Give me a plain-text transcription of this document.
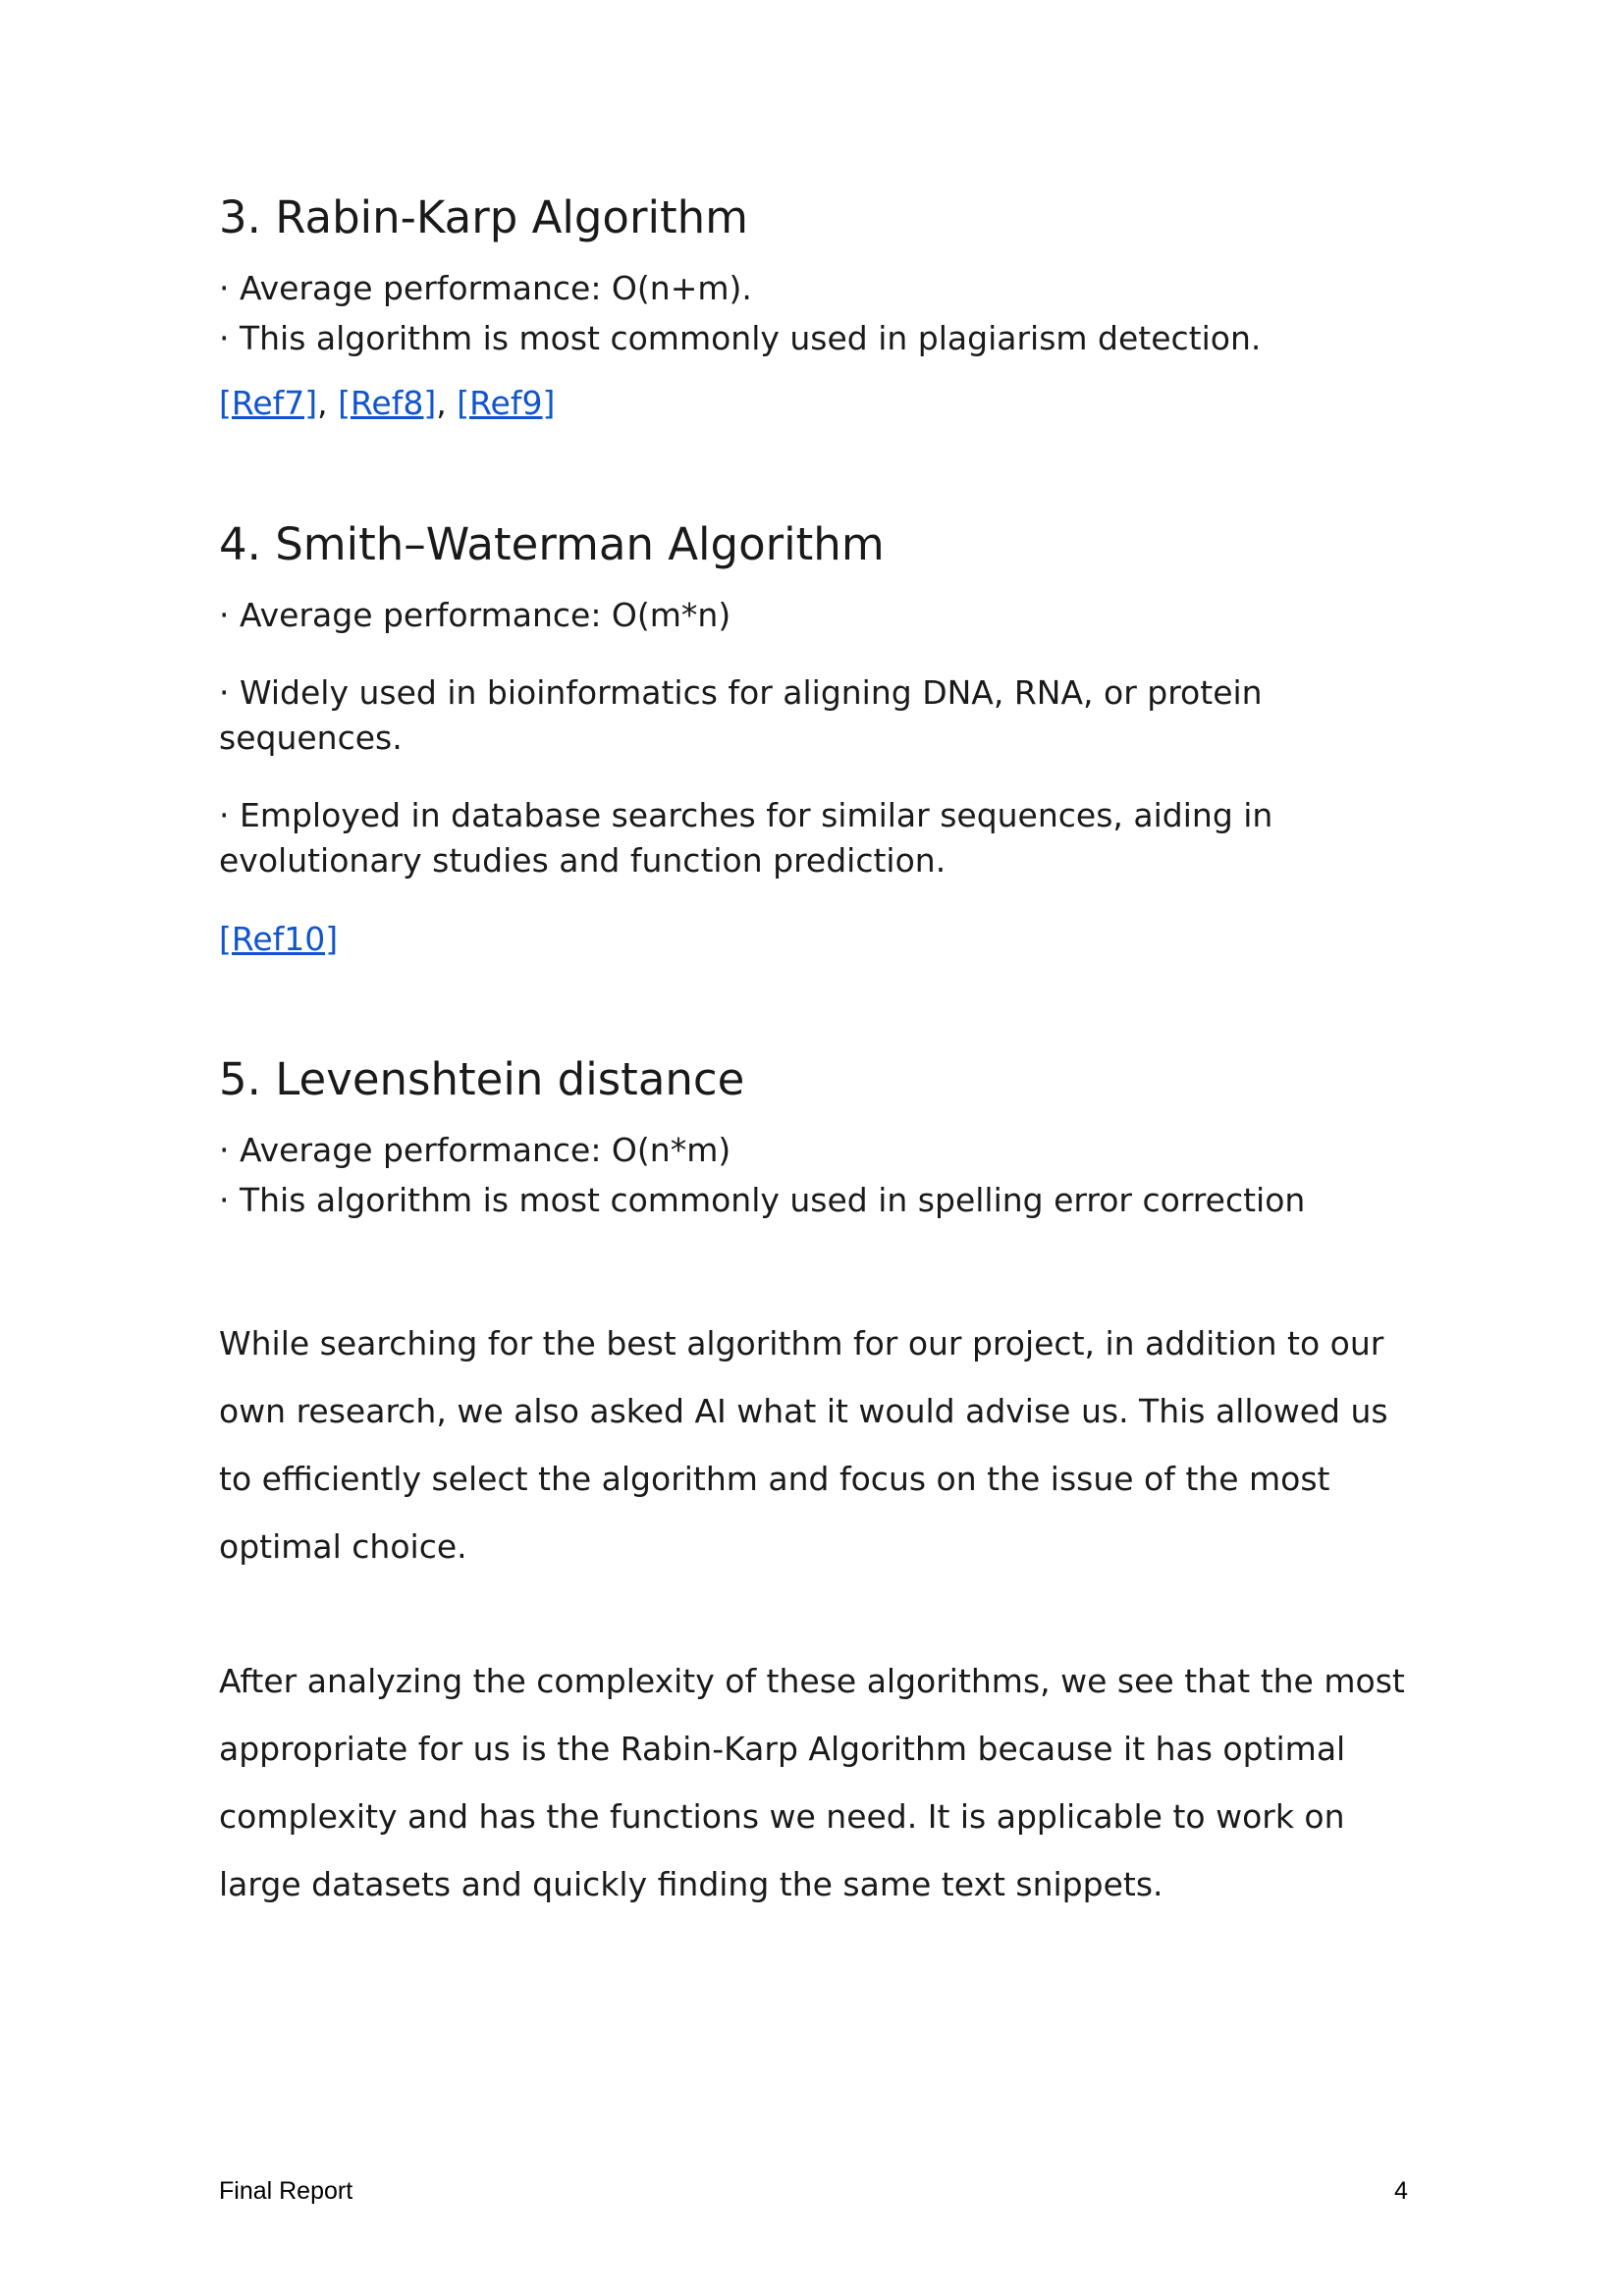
3. Rabin-Karp Algorithm

· Average performance: O(n+m).

· This algorithm is most commonly used in plagiarism detection.

[Ref7], [Ref8], [Ref9]

4. Smith–Waterman Algorithm

· Average performance: O(m*n)

· Widely used in bioinformatics for aligning DNA, RNA, or protein sequences.

· Employed in database searches for similar sequences, aiding in evolutionary studies and function prediction.

[Ref10]

5. Levenshtein distance

· Average performance: O(n*m)

· This algorithm is most commonly used in spelling error correction

While searching for the best algorithm for our project, in addition to our own research, we also asked AI what it would advise us. This allowed us to efficiently select the algorithm and focus on the issue of the most optimal choice.

After analyzing the complexity of these algorithms, we see that the most appropriate for us is the Rabin-Karp Algorithm because it has optimal complexity and has the functions we need. It is applicable to work on large datasets and quickly finding the same text snippets.

Final Report	4
